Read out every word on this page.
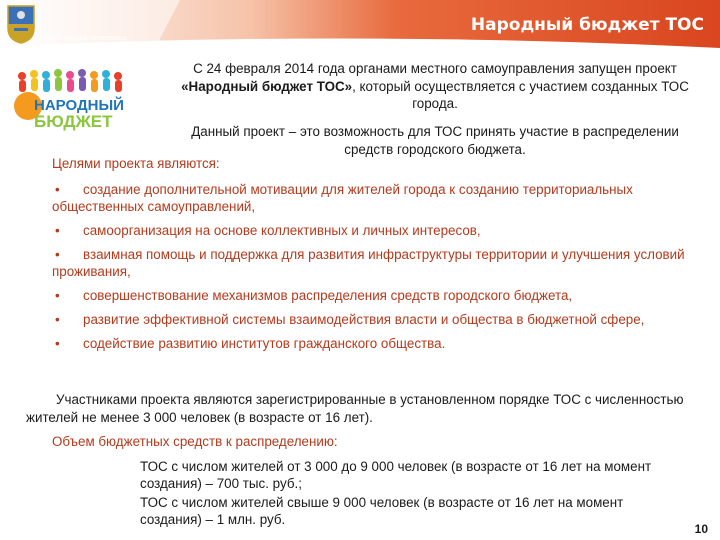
Мэрия города Череповца
Народный бюджет ТОС
НАРОДНЫЙ
БЮДЖЕТ
С 24 февраля 2014 года органами местного самоуправления запущен проект «Народный бюджет ТОС», который осуществляется с участием созданных ТОС города.
Данный проект – это возможность для ТОС принять участие в распределении средств городского бюджета.
Целями проекта являются:
• создание дополнительной мотивации для жителей города к созданию территориальных общественных самоуправлений,
• самоорганизация на основе коллективных и личных интересов,
• взаимная помощь и поддержка для развития инфраструктуры территории и улучшения условий проживания,
• совершенствование механизмов распределения средств городского бюджета,
• развитие эффективной системы взаимодействия власти и общества в бюджетной сфере,
• содействие развитию институтов гражданского общества.
Участниками проекта являются зарегистрированные в установленном порядке ТОС с численностью жителей не менее 3 000 человек (в возрасте от 16 лет).
Объем бюджетных средств к распределению:
ТОС с числом жителей от 3 000 до 9 000 человек (в возрасте от 16 лет на момент создания) – 700 тыс. руб.;
ТОС с числом жителей свыше 9 000 человек (в возрасте от 16 лет на момент создания) – 1 млн. руб.
10
